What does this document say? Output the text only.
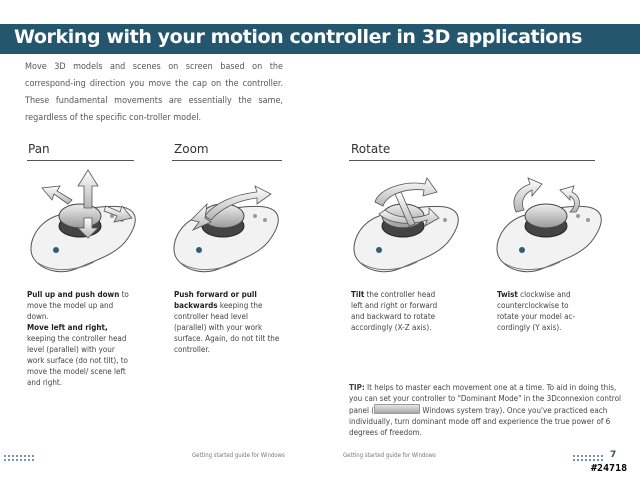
Working with your motion controller in 3D applications
Move 3D models and scenes on screen based on the correspond-ing direction you move the cap on the controller. These fundamental movements are essentially the same, regardless of the specific con-troller model.
Pan	Zoom	Rotate
Pull up and push down to move the model up and down.
Move left and right, keeping the controller head level (parallel) with your work surface (do not tilt), to move the model/ scene left and right.
Push forward or pull backwards keeping the controller head level (parallel) with your work surface. Again, do not tilt the controller.
Tilt the controller head left and right or forward and backward to rotate accordingly (X-Z axis).
Twist clockwise and counterclockwise to rotate your model ac-cordingly (Y axis).
TIP: It helps to master each movement one at a time. To aid in doing this, you can set your controller to "Dominant Mode" in the 3Dconnexion control panel (	Windows system tray). Once you've practiced each individually, turn dominant mode off and experience the true power of 6 degrees of freedom.
Getting started guide for Windows	Getting started guide for Windows	7
#24718
